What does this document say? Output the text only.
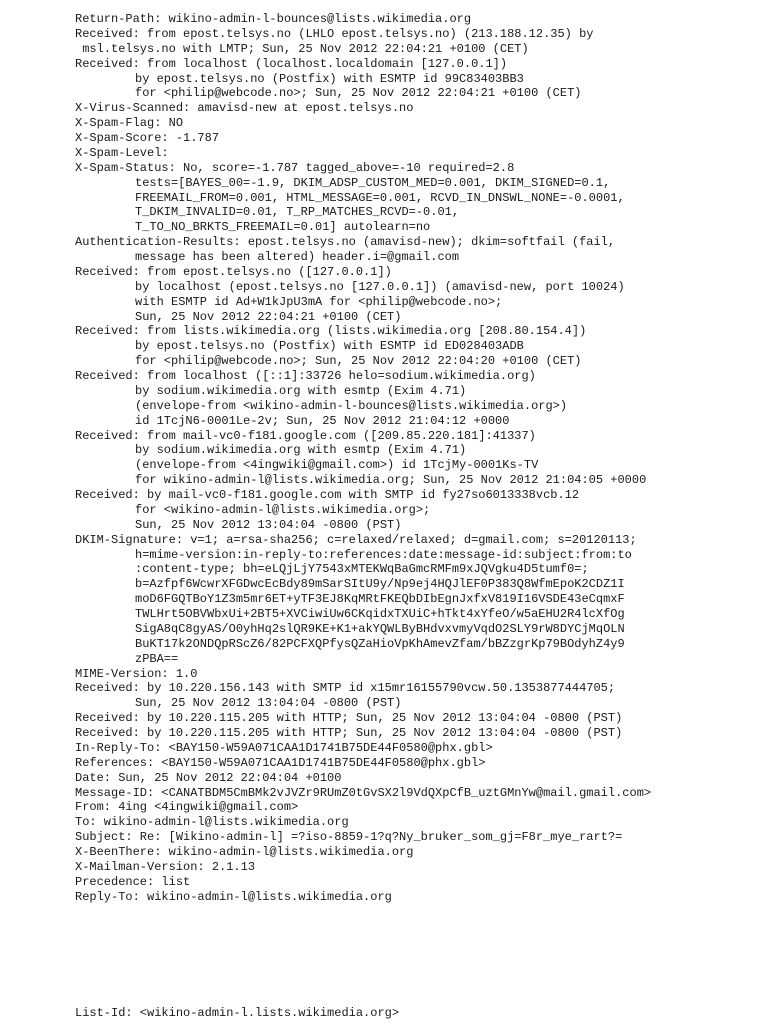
Return-Path: wikino-admin-l-bounces@lists.wikimedia.org
Received: from epost.telsys.no (LHLO epost.telsys.no) (213.188.12.35) by
msl.telsys.no with LMTP; Sun, 25 Nov 2012 22:04:21 +0100 (CET)
Received: from localhost (localhost.localdomain [127.0.0.1])
by epost.telsys.no (Postfix) with ESMTP id 99C83403BB3
for <philip@webcode.no>; Sun, 25 Nov 2012 22:04:21 +0100 (CET)
X-Virus-Scanned: amavisd-new at epost.telsys.no
X-Spam-Flag: NO
X-Spam-Score: -1.787
X-Spam-Level:
X-Spam-Status: No, score=-1.787 tagged_above=-10 required=2.8
tests=[BAYES_00=-1.9, DKIM_ADSP_CUSTOM_MED=0.001, DKIM_SIGNED=0.1,
FREEMAIL_FROM=0.001, HTML_MESSAGE=0.001, RCVD_IN_DNSWL_NONE=-0.0001,
T_DKIM_INVALID=0.01, T_RP_MATCHES_RCVD=-0.01,
T_TO_NO_BRKTS_FREEMAIL=0.01] autolearn=no
Authentication-Results: epost.telsys.no (amavisd-new); dkim=softfail (fail,
message has been altered) header.i=@gmail.com
Received: from epost.telsys.no ([127.0.0.1])
by localhost (epost.telsys.no [127.0.0.1]) (amavisd-new, port 10024)
with ESMTP id Ad+W1kJpU3mA for <philip@webcode.no>;
Sun, 25 Nov 2012 22:04:21 +0100 (CET)
Received: from lists.wikimedia.org (lists.wikimedia.org [208.80.154.4])
by epost.telsys.no (Postfix) with ESMTP id ED028403ADB
for <philip@webcode.no>; Sun, 25 Nov 2012 22:04:20 +0100 (CET)
Received: from localhost ([::1]:33726 helo=sodium.wikimedia.org)
by sodium.wikimedia.org with esmtp (Exim 4.71)
(envelope-from <wikino-admin-l-bounces@lists.wikimedia.org>)
id 1TcjN6-0001Le-2v; Sun, 25 Nov 2012 21:04:12 +0000
Received: from mail-vc0-f181.google.com ([209.85.220.181]:41337)
by sodium.wikimedia.org with esmtp (Exim 4.71)
(envelope-from <4ingwiki@gmail.com>) id 1TcjMy-0001Ks-TV
for wikino-admin-l@lists.wikimedia.org; Sun, 25 Nov 2012 21:04:05 +0000
Received: by mail-vc0-f181.google.com with SMTP id fy27so6013338vcb.12
for <wikino-admin-l@lists.wikimedia.org>;
Sun, 25 Nov 2012 13:04:04 -0800 (PST)
DKIM-Signature: v=1; a=rsa-sha256; c=relaxed/relaxed; d=gmail.com; s=20120113;
h=mime-version:in-reply-to:references:date:message-id:subject:from:to
:content-type; bh=eLQjLjY7543xMTEKWqBaGmcRMFm9xJQVgku4D5tumf0=;
b=Azfpf6WcwrXFGDwcEcBdy89mSarSItU9y/Np9ej4HQJlEF0P383Q8WfmEpoK2CDZ1I
moD6FGQTBoY1Z3m5mr6ET+yTF3EJ8KqMRtFKEQbDIbEgnJxfxV819I16VSDE43eCqmxF
TWLHrt5OBVWbxUi+2BT5+XVCiwiUw6CKqidxTXUiC+hTkt4xYfeO/w5aEHU2R4lcXfOg
SigA8qC8gyAS/O0yhHq2slQR9KE+K1+akYQWLByBHdvxvmyVqdO2SLY9rW8DYCjMqOLN
BuKT17k2ONDQpRScZ6/82PCFXQPfysQZaHioVpKhAmevZfam/bBZzgrKp79BOdyhZ4y9
zPBA==
MIME-Version: 1.0
Received: by 10.220.156.143 with SMTP id x15mr16155790vcw.50.1353877444705;
Sun, 25 Nov 2012 13:04:04 -0800 (PST)
Received: by 10.220.115.205 with HTTP; Sun, 25 Nov 2012 13:04:04 -0800 (PST)
Received: by 10.220.115.205 with HTTP; Sun, 25 Nov 2012 13:04:04 -0800 (PST)
In-Reply-To: <BAY150-W59A071CAA1D1741B75DE44F0580@phx.gbl>
References: <BAY150-W59A071CAA1D1741B75DE44F0580@phx.gbl>
Date: Sun, 25 Nov 2012 22:04:04 +0100
Message-ID: <CANATBDM5CmBMk2vJVZr9RUmZ0tGvSX2l9VdQXpCfB_uztGMnYw@mail.gmail.com>
From: 4ing <4ingwiki@gmail.com>
To: wikino-admin-l@lists.wikimedia.org
Subject: Re: [Wikino-admin-l] =?iso-8859-1?q?Ny_bruker_som_gj=F8r_mye_rart?=
X-BeenThere: wikino-admin-l@lists.wikimedia.org
X-Mailman-Version: 2.1.13
Precedence: list
Reply-To: wikino-admin-l@lists.wikimedia.org
List-Id: <wikino-admin-l.lists.wikimedia.org>
